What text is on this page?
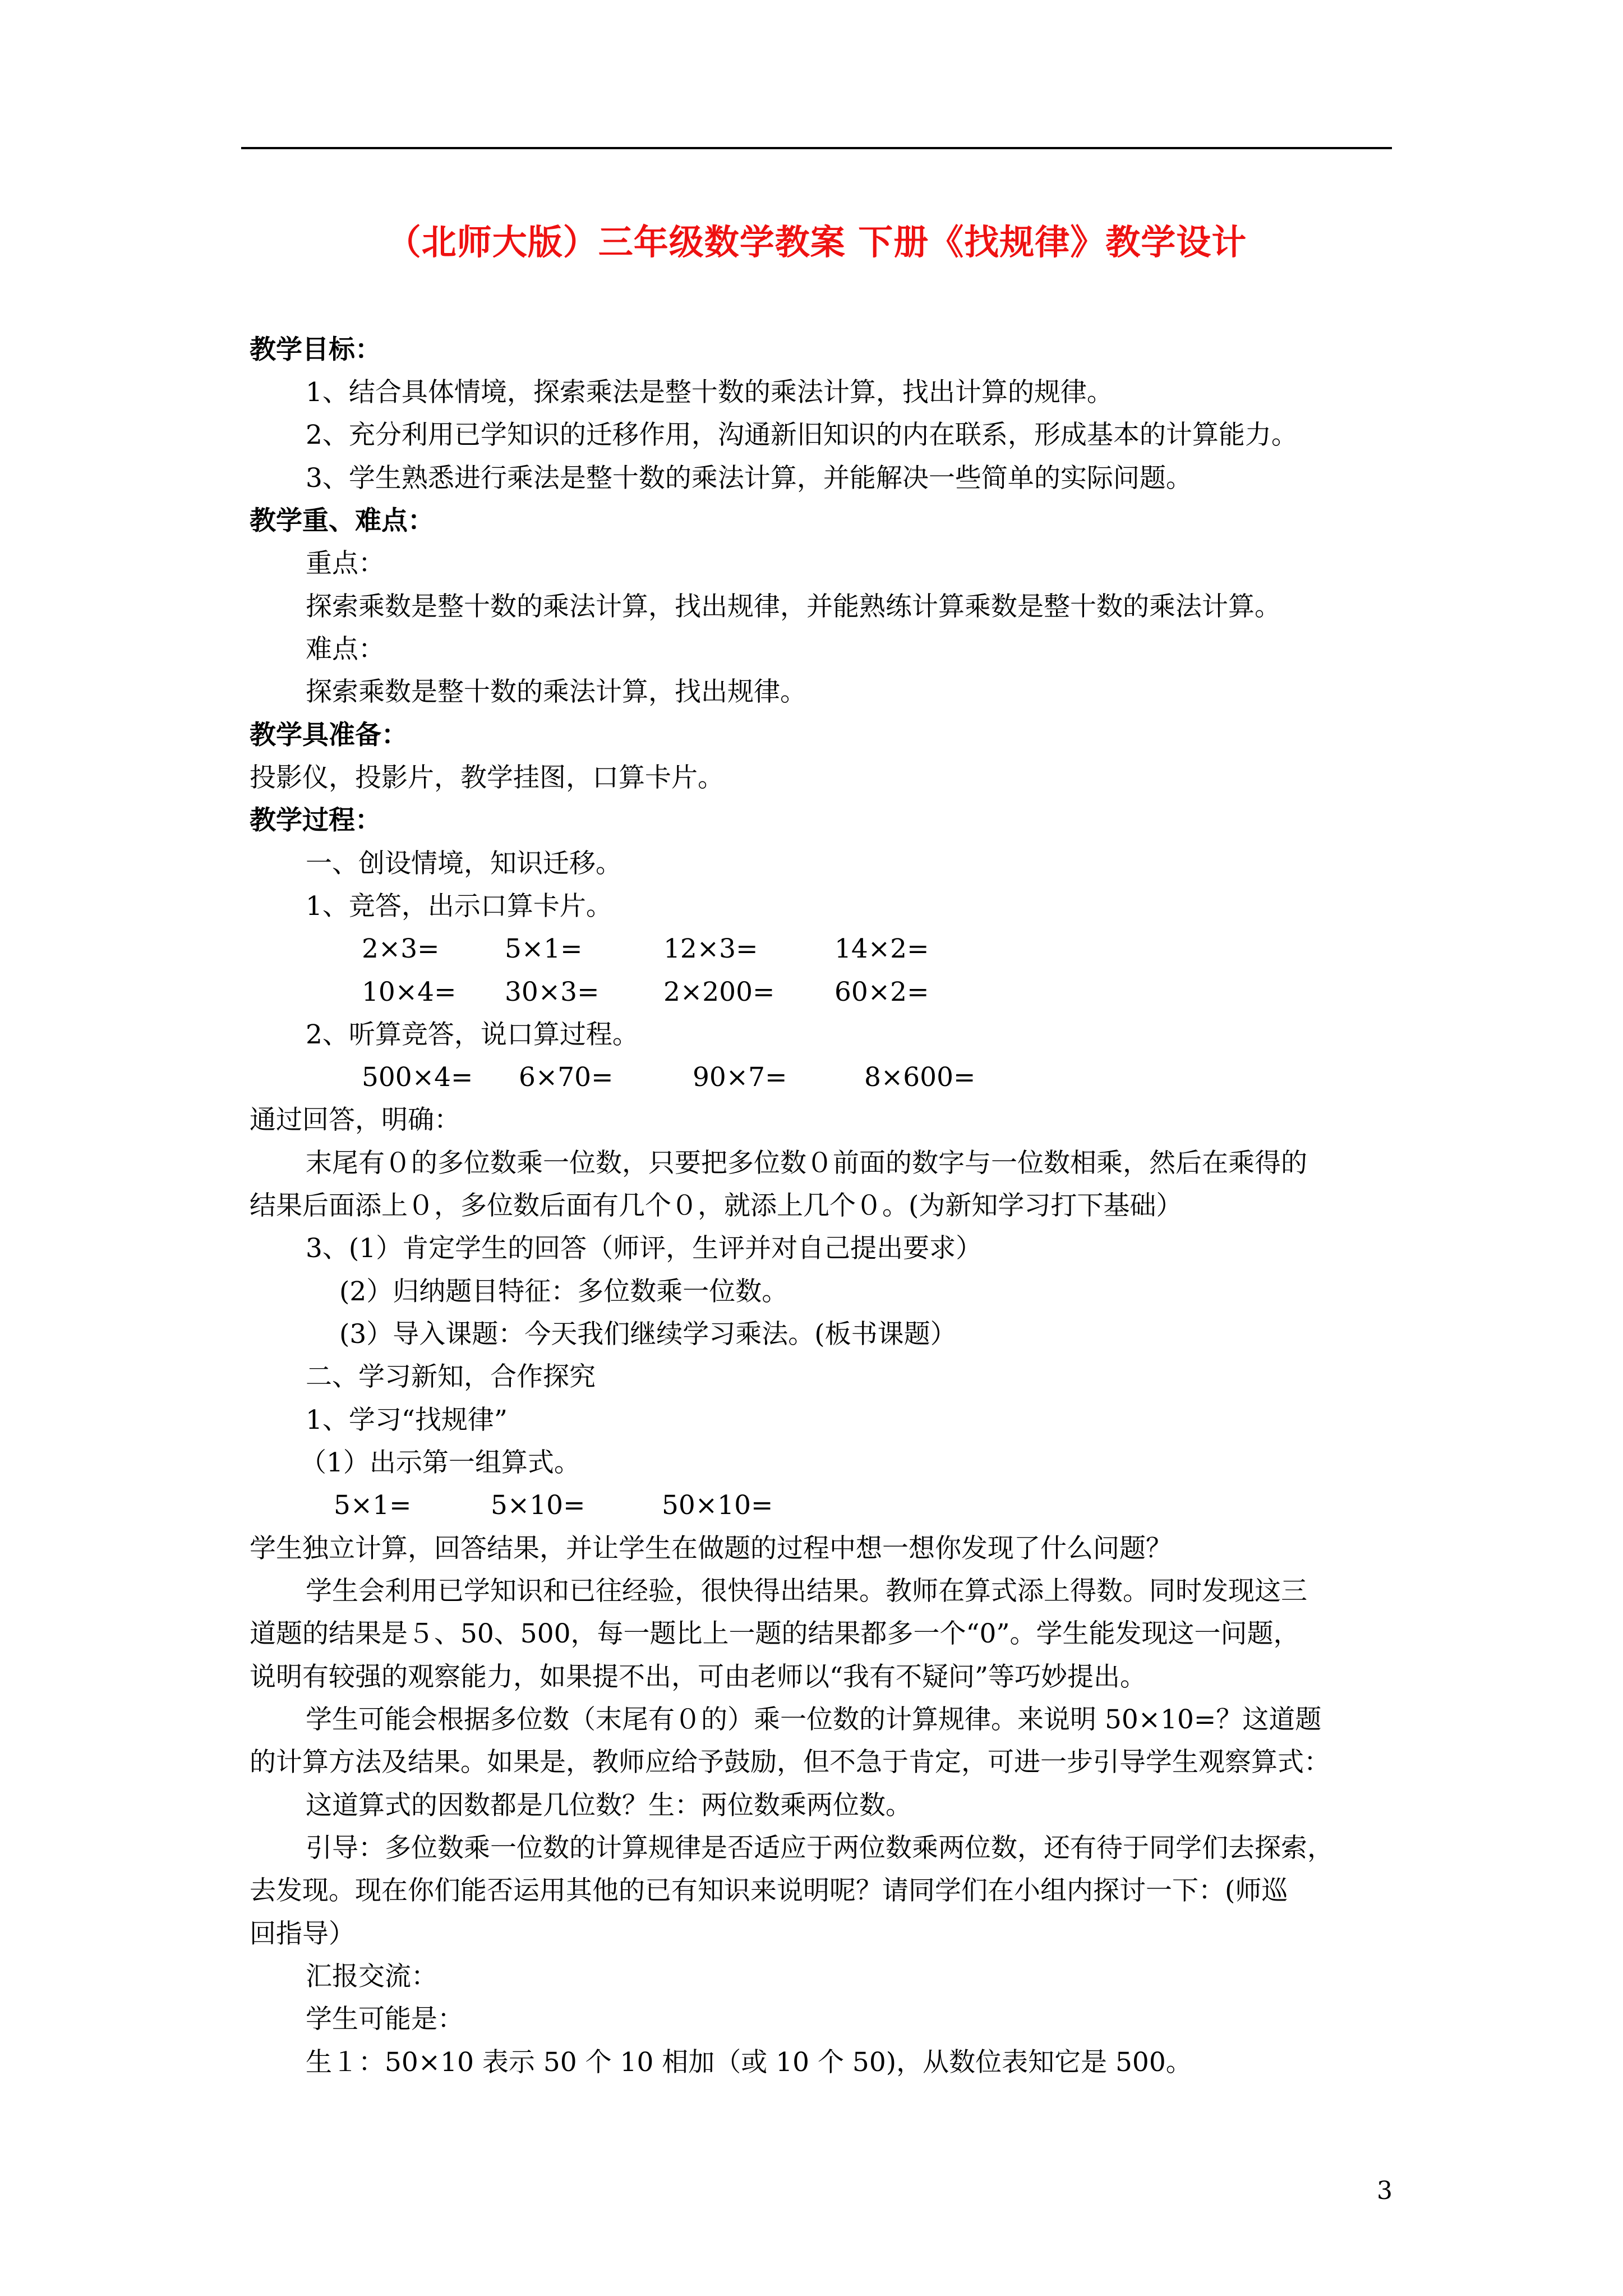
（北师大版）三年级数学教案 下册《找规律》教学设计
教学目标：
1、结合具体情境，探索乘法是整十数的乘法计算，找出计算的规律。
2、充分利用已学知识的迁移作用，沟通新旧知识的内在联系，形成基本的计算能力。
3、学生熟悉进行乘法是整十数的乘法计算，并能解决一些简单的实际问题。
教学重、难点：
重点：
探索乘数是整十数的乘法计算，找出规律，并能熟练计算乘数是整十数的乘法计算。
难点：
探索乘数是整十数的乘法计算，找出规律。
教学具准备：
投影仪，投影片，教学挂图，口算卡片。
教学过程：
一、创设情境，知识迁移。
1、竞答，出示口算卡片。
2×3= 5×1=	12×3=	14×2=
10×4= 30×3= 2×200= 60×2=
2、听算竞答，说口算过程。
500×4= 6×70=	90×7=	8×600=
通过回答，明确：
末尾有０的多位数乘一位数，只要把多位数０前面的数字与一位数相乘，然后在乘得的
结果后面添上０，多位数后面有几个０，就添上几个０。(为新知学习打下基础）
3、(1）肯定学生的回答（师评，生评并对自己提出要求）
(2）归纳题目特征：多位数乘一位数。
(3）导入课题：今天我们继续学习乘法。(板书课题）
二、学习新知，合作探究
1、学习“找规律”
（1）出示第一组算式。
5×1=	5×10=	50×10=
学生独立计算，回答结果，并让学生在做题的过程中想一想你发现了什么问题？
学生会利用已学知识和已往经验，很快得出结果。教师在算式添上得数。同时发现这三
道题的结果是５、50、500，每一题比上一题的结果都多一个“0”。学生能发现这一问题，
说明有较强的观察能力，如果提不出，可由老师以“我有不疑问”等巧妙提出。
学生可能会根据多位数（末尾有０的）乘一位数的计算规律。来说明 50×10=？这道题
的计算方法及结果。如果是，教师应给予鼓励，但不急于肯定，可进一步引导学生观察算式：
这道算式的因数都是几位数？生：两位数乘两位数。
引导：多位数乘一位数的计算规律是否适应于两位数乘两位数，还有待于同学们去探索，
去发现。现在你们能否运用其他的已有知识来说明呢？请同学们在小组内探讨一下：(师巡
回指导）
汇报交流：
学生可能是：
生１：50×10 表示 50 个 10 相加（或 10 个 50)，从数位表知它是 500。
3
